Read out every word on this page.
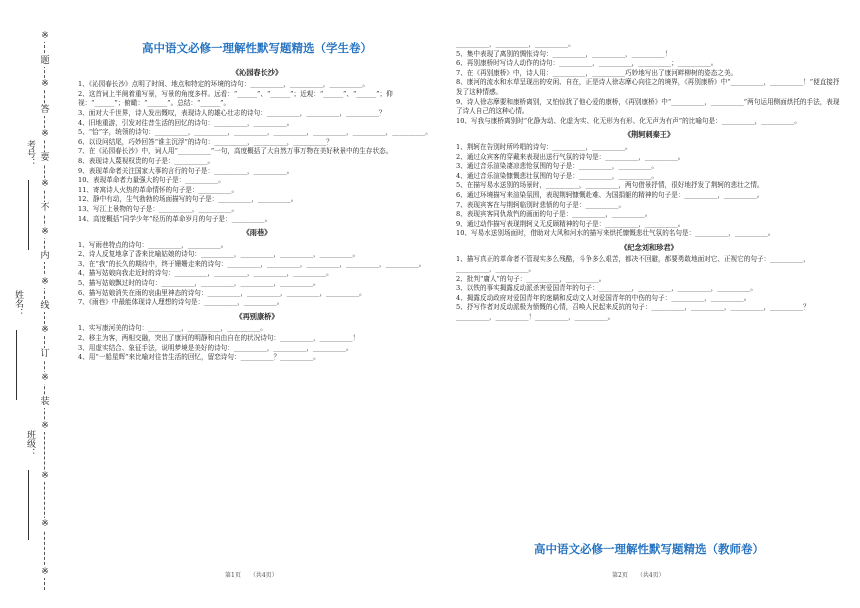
※
※
※
※
※
※
※
※
※
※
※
※
题
答
要
不
内
线
订
装
考号：
姓名：
班级：
高中语文必修一理解性默写题精选（学生卷）
《沁园春长沙》
1、《沁园春长沙》点明了时间、地点和特定的环境的诗句：__________，__________，__________。
2、这首词上半阕着重写景，写景的角度多样。远看：“______”、“______”；近观：“______”、“______”；仰视：“______”；俯瞰：“______”。总结：“______”。
3、面对大千世界，诗人发出慨叹，表现诗人的雄心壮志的诗句：__________，__________，__________？
4、旧地重游，引发对往昔生活的回忆的诗句：__________，__________。
5、“恰”字，统领的诗句：__________，__________，__________，__________，__________，__________，__________。
6、以设问结尾，巧妙回答“谁主沉浮”的诗句：__________，__________，__________？
7、在《沁园春长沙》中，词人用“__________”一句，高度概括了大自然万事万物在美好秋景中的生存状态。
8、表现诗人蔑视权贵的句子是：__________。
9、表现革命者关注国家大事的言行的句子是：__________，__________。
10、表现革命者力量强大的句子是：__________。
11、寄寓诗人火热的革命情怀的句子是：__________。
12、静中有动，生气勃勃的场面描写的句子是：__________，__________。
13、写江上景物的句子是：__________，__________。
14、高度概括“同学少年”经历的革命岁月的句子是：__________。
《雨巷》
1、写雨巷特点的诗句：__________，__________。
2、诗人反复地拿了香来比喻姑娘的诗句：__________，__________，__________，__________。
3、在“我”的长久的期待中，终于姗姗走来的诗句：__________，__________，__________，__________，__________。
4、描写姑娘向我走近时的诗句：__________，__________，__________，__________。
5、描写姑娘飘过时的诗句：__________，__________，__________，__________。
6、描写姑娘消失在雨的哀曲里神态的诗句：__________，__________，__________，__________。
7、《雨巷》中最能体现诗人理想的诗句是：__________，__________。
《再别康桥》
1、实写康河美的诗句：__________，__________，__________。
2、移主为客，两相交融，突出了康河的明静和自由自在的状况诗句：__________，__________！
3、用虚实结合、象征手法，说明梦境是美好的诗句：__________，__________，__________。
4、用“一船星辉”来比喻对往昔生活的回忆，留恋诗句：__________？__________。
__________，__________，__________。
5、集中表现了离别的惆怅诗句：__________，__________，__________！
6、再别康桥时写诗人动作的诗句：__________，__________，__________；__________。
7、在《再别康桥》中，诗人用：__________，__________巧妙地写出了康河畔柳树的姿态之美。
8、康河的流水和水草呈现出的安闲、自在，正是诗人徐志摩心向往之的境界，《再别康桥》中“__________，__________！”便直接抒发了这种情感。
9、诗人徐志摩要和康桥离别，又怕惊扰了他心爱的康桥，《再别康桥》中“__________，__________”两句运用侧面烘托的手法，表现了诗人自己的这种心情。
10、写我与康桥离别时“化静为动、化虚为实、化无形为有形、化无声为有声”的比喻句是：__________，__________。
《荆轲刺秦王》
1、荆轲在告别时所吟唱的诗句：__________，__________。
2、通过众宾客的穿戴来表现出送行气氛的诗句是：__________，__________。
3、通过音乐渲染凄凉悲怆氛围的句子是：__________，__________。
4、通过音乐渲染慷慨悲壮氛围的句子是：__________，__________。
5、在描写易水送别的场景时，__________，__________，两句借景抒情，很好地抒发了荆轲的悲壮之情。
6、通过环境描写来渲染氛围，表现荆轲慷慨赴难、为国捐躯的精神的句子是：__________，__________。
7、表现宾客在与荆轲临别时悲愤的句子是：__________。
8、表现宾客同仇敌忾的画面的句子是：__________，__________。
9、通过动作描写表现荆轲义无反顾精神的句子是：__________，__________。
10、写易水送别场面时，借助对大风和河水的描写来烘托慷慨悲壮气氛的名句是：__________，__________。
《纪念刘和珍君》
1、描写真正的革命者不管现实多么残酷，斗争多么艰苦，都决不回避，都要勇敢地面对它、正视它的句子：__________，__________，__________。
2、批判“庸人”的句子：__________，__________。
3、以铁的事实揭露反动派杀害爱国青年的句子：__________，__________，__________，__________。
4、揭露反动政府对爱国青年的迷瞒和反动文人对爱国青年的中伤的句子：__________，__________。
5、抒写作者对反动派极为愤慨的心情，召唤人民起来反抗的句子：__________，__________，__________，__________？__________，__________！__________，__________。
高中语文必修一理解性默写题精选（教师卷）
第1页　　（共4页）	第2页　　（共4页）
